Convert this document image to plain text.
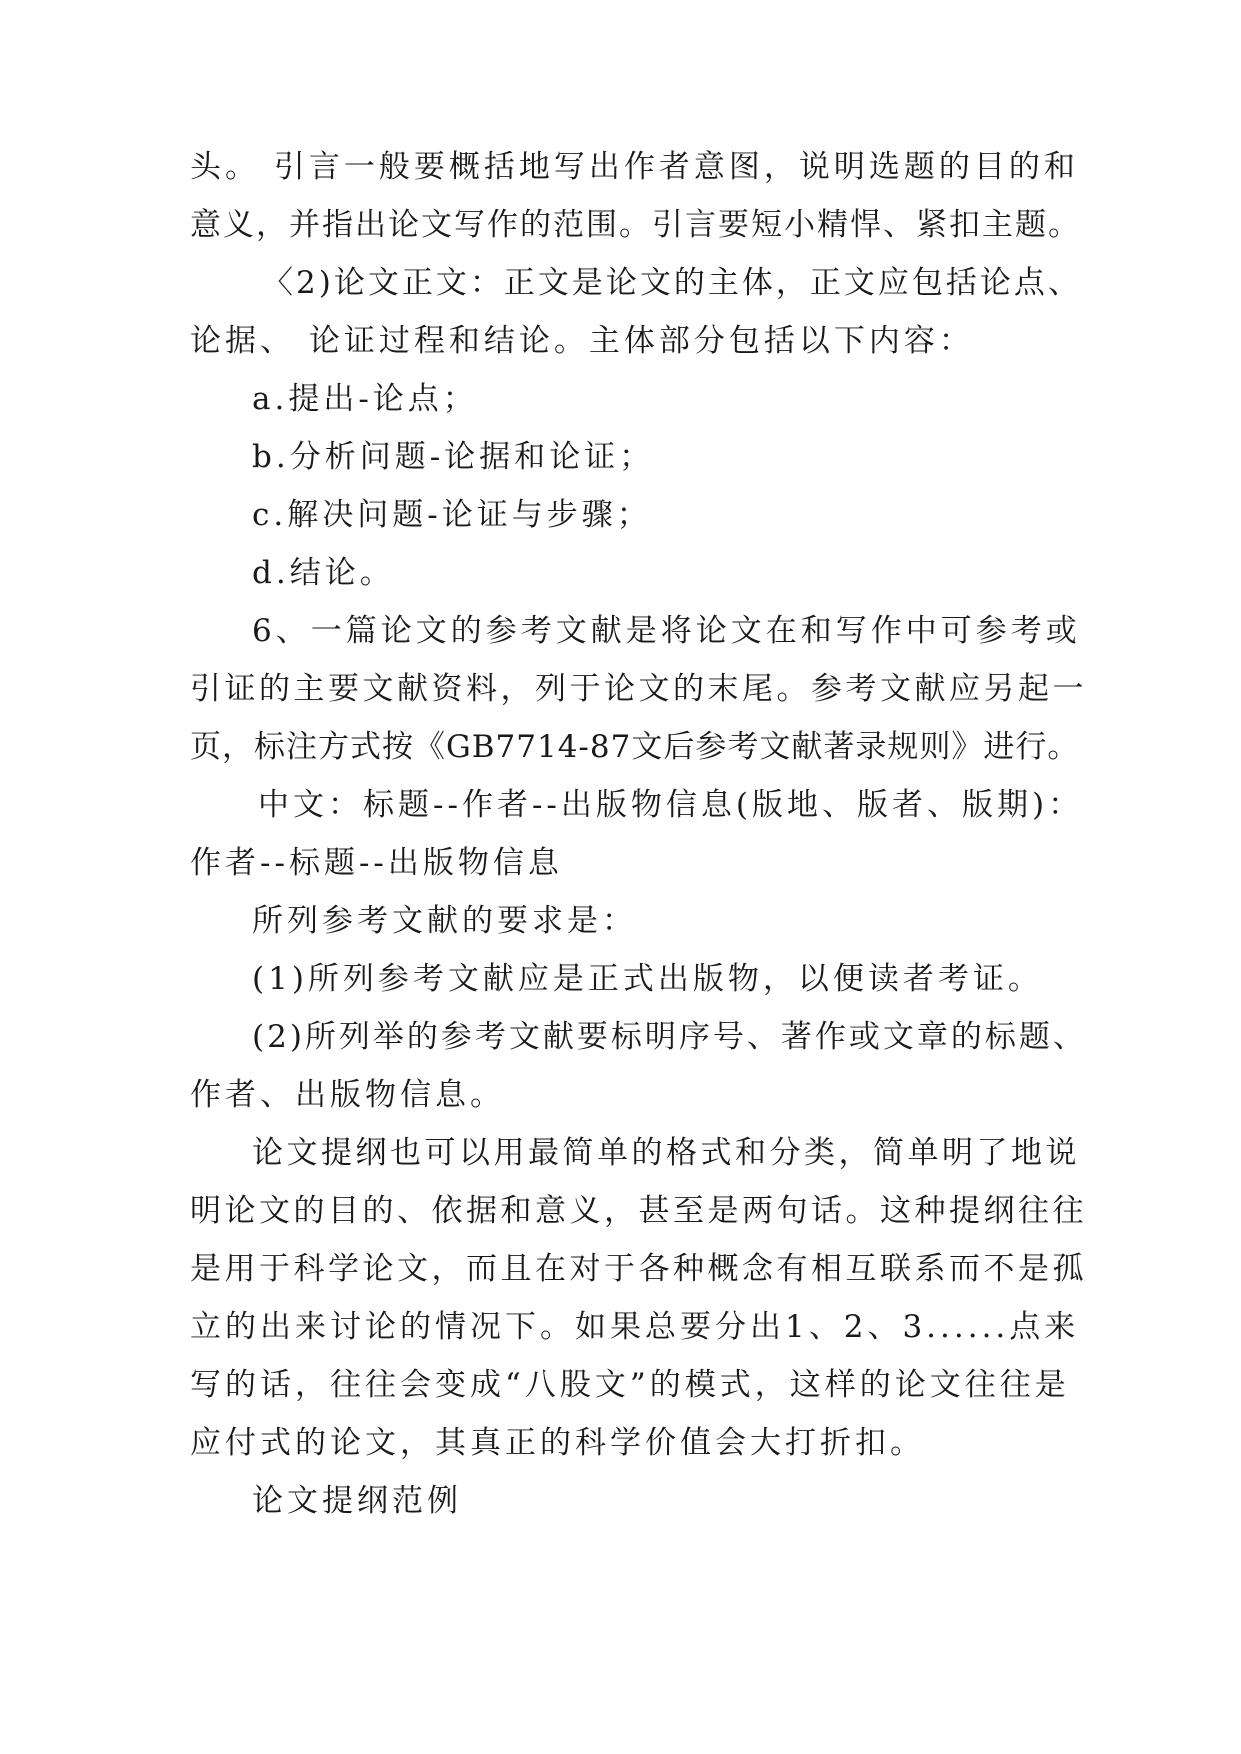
头。 引言一般要概括地写出作者意图，说明选题的目的和
意义，并指出论文写作的范围。引言要短小精悍、紧扣主题。
〈2)论文正文：正文是论文的主体，正文应包括论点、
论据、 论证过程和结论。主体部分包括以下内容：
a.提出-论点；
b.分析问题-论据和论证；
c.解决问题-论证与步骤；
d.结论。
6、一篇论文的参考文献是将论文在和写作中可参考或
引证的主要文献资料，列于论文的末尾。参考文献应另起一
页，标注方式按《GB7714-87文后参考文献著录规则》进行。
中文：标题--作者--出版物信息(版地、版者、版期)：
作者--标题--出版物信息
所列参考文献的要求是：
(1)所列参考文献应是正式出版物，以便读者考证。
(2)所列举的参考文献要标明序号、著作或文章的标题、
作者、出版物信息。
论文提纲也可以用最简单的格式和分类，简单明了地说
明论文的目的、依据和意义，甚至是两句话。这种提纲往往
是用于科学论文，而且在对于各种概念有相互联系而不是孤
立的出来讨论的情况下。如果总要分出1、2、3......点来
写的话，往往会变成“八股文”的模式，这样的论文往往是
应付式的论文，其真正的科学价值会大打折扣。
论文提纲范例
